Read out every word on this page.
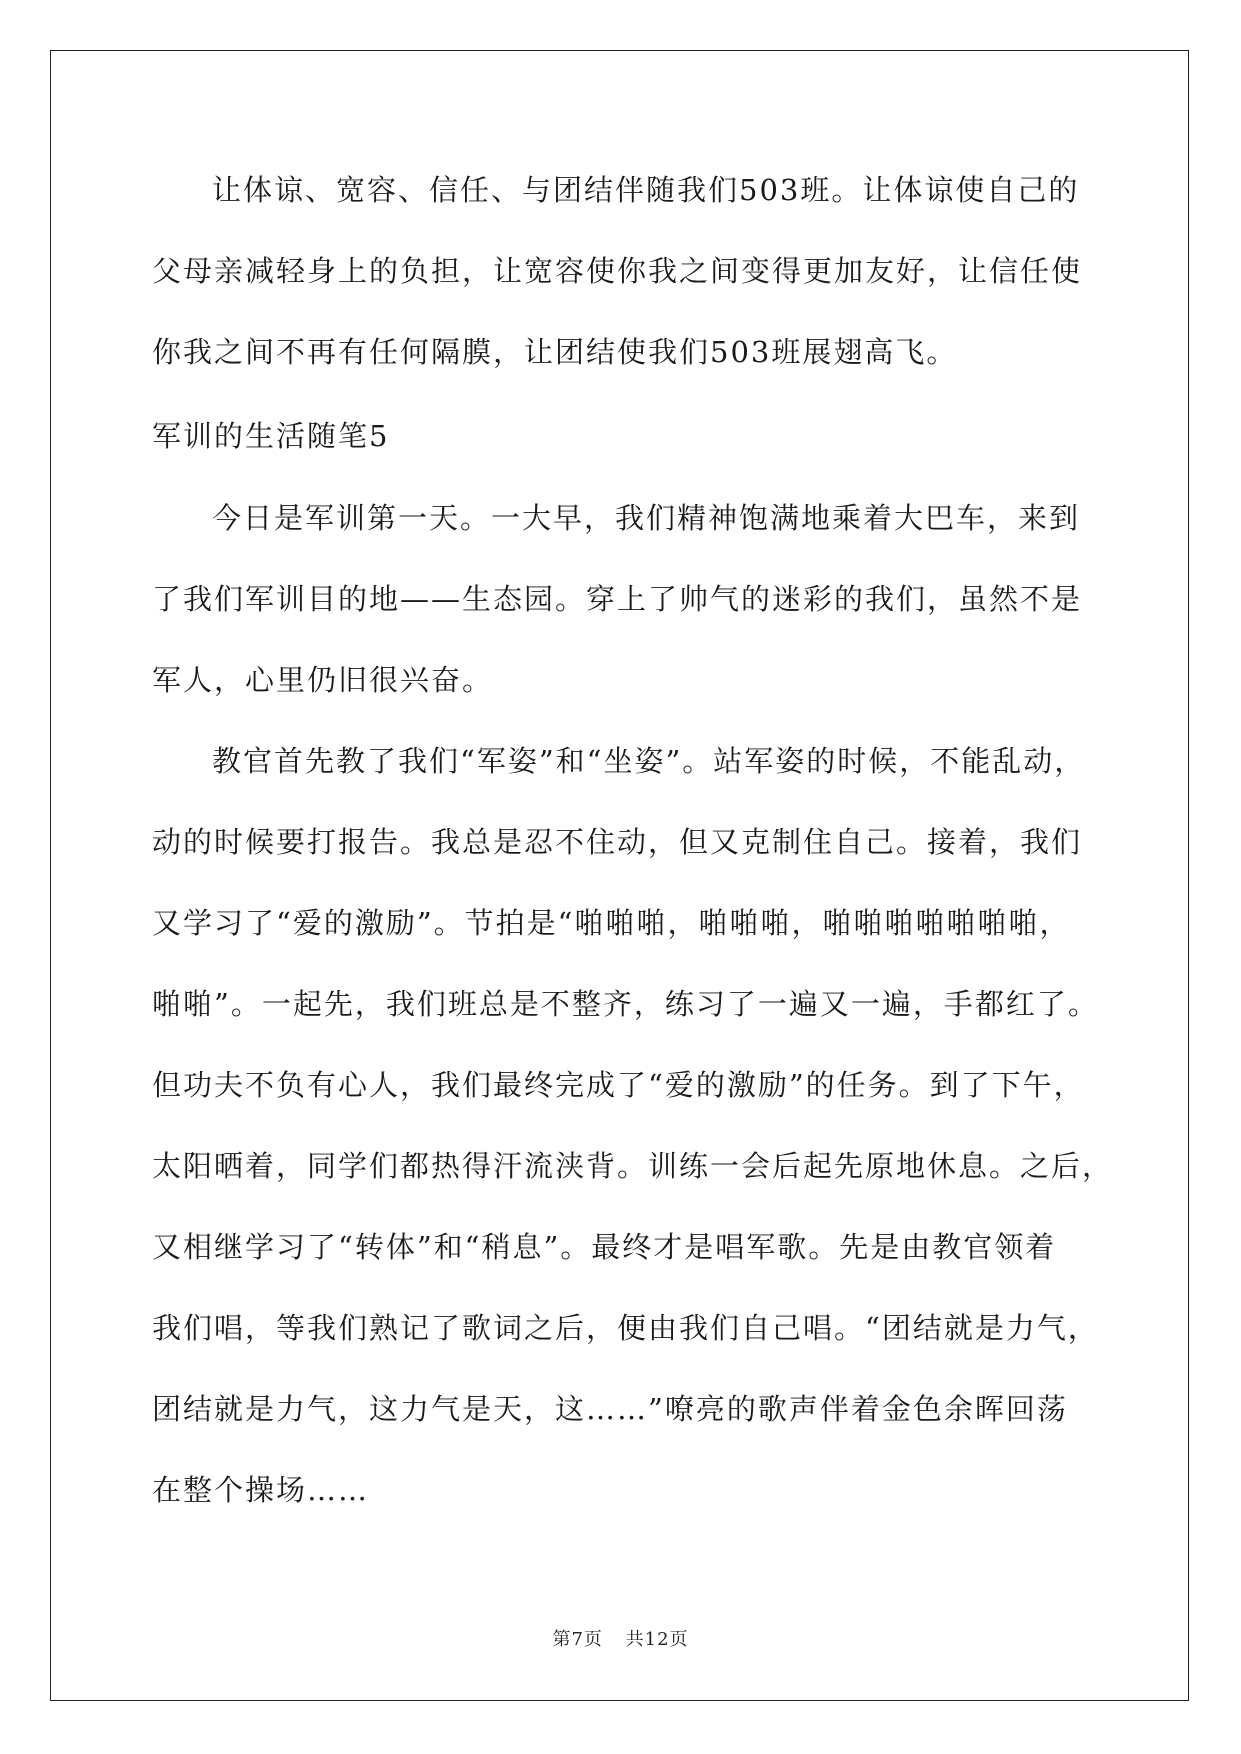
让体谅、宽容、信任、与团结伴随我们503班。让体谅使自己的
父母亲减轻身上的负担，让宽容使你我之间变得更加友好，让信任使
你我之间不再有任何隔膜，让团结使我们503班展翅高飞。
军训的生活随笔5
今日是军训第一天。一大早，我们精神饱满地乘着大巴车，来到
了我们军训目的地——生态园。穿上了帅气的迷彩的我们，虽然不是
军人，心里仍旧很兴奋。
教官首先教了我们“军姿”和“坐姿”。站军姿的时候，不能乱动，
动的时候要打报告。我总是忍不住动，但又克制住自己。接着，我们
又学习了“爱的激励”。节拍是“啪啪啪，啪啪啪，啪啪啪啪啪啪啪，
啪啪”。一起先，我们班总是不整齐，练习了一遍又一遍，手都红了。
但功夫不负有心人，我们最终完成了“爱的激励”的任务。到了下午，
太阳晒着，同学们都热得汗流浃背。训练一会后起先原地休息。之后，
又相继学习了“转体”和“稍息”。最终才是唱军歌。先是由教官领着
我们唱，等我们熟记了歌词之后，便由我们自己唱。“团结就是力气，
团结就是力气，这力气是天，这……”嘹亮的歌声伴着金色余晖回荡
在整个操场……
第7页 共12页
